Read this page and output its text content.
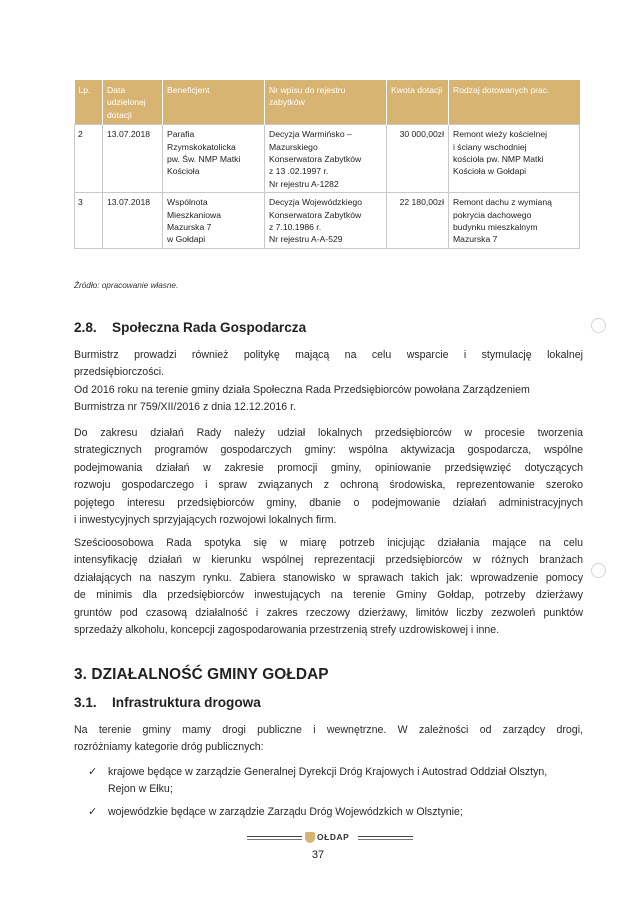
Lp.	Data udzielonej dotacji	Beneficjent	Nr wpisu do rejestru zabytków	Kwota dotacji	Rodzaj dotowanych prac.
2	13.07.2018	Parafia
Rzymskokatolicka
pw. Św. NMP Matki
Kościoła	Decyzja Warmińsko –
Mazurskiego
Konserwatora Zabytków
z 13 .02.1997 r.
Nr rejestru A-1282	30 000,00zł	Remont wieży kościelnej
i ściany wschodniej
kościoła pw. NMP Matki
Kościoła w Gołdapi

3	13.07.2018	Wspólnota
Mieszkaniowa
Mazurska 7
w Gołdapi	Decyzja Wojewódzkiego
Konserwatora Zabytków
z 7.10.1986 r.
Nr rejestru A-A-529	22 180,00zł	Remont dachu z wymianą
pokrycia dachowego
budynku mieszkalnym
Mazurska 7
Źródło: opracowanie własne.
2.8. Społeczna Rada Gospodarcza
Burmistrz prowadzi również politykę mającą na celu wsparcie i stymulację lokalnej
przedsiębiorczości.
Od 2016 roku na terenie gminy działa Społeczna Rada Przedsiębiorców powołana Zarządzeniem
Burmistrza nr 759/XII/2016 z dnia 12.12.2016 r.
Do zakresu działań Rady należy udział lokalnych przedsiębiorców w procesie tworzenia
strategicznych programów gospodarczych gminy: wspólna aktywizacja gospodarcza, wspólne
podejmowania działań w zakresie promocji gminy, opiniowanie przedsięwzięć dotyczących
rozwoju gospodarczego i spraw związanych z ochroną środowiska, reprezentowanie szeroko
pojętego interesu przedsiębiorców gminy, dbanie o podejmowanie działań administracyjnych
i inwestycyjnych sprzyjających rozwojowi lokalnych firm.
Sześcioosobowa Rada spotyka się w miarę potrzeb inicjując działania mające na celu
intensyfikację działań w kierunku wspólnej reprezentacji przedsiębiorców w różnych branżach
działających na naszym rynku. Zabiera stanowisko w sprawach takich jak: wprowadzenie pomocy
de minimis dla przedsiębiorców inwestujących na terenie Gminy Gołdap, potrzeby dzierżawy
gruntów pod czasową działalność i zakres rzeczowy dzierżawy, limitów liczby zezwoleń punktów
sprzedaży alkoholu, koncepcji zagospodarowania przestrzenią strefy uzdrowiskowej i inne.
3. DZIAŁALNOŚĆ GMINY GOŁDAP
3.1. Infrastruktura drogowa
Na terenie gminy mamy drogi publiczne i wewnętrzne. W zależności od zarządcy drogi,
rozróżniamy kategorie dróg publicznych:
✓ krajowe będące w zarządzie Generalnej Dyrekcji Dróg Krajowych i Autostrad Oddział Olsztyn,
Rejon w Ełku;
✓ wojewódzkie będące w zarządzie Zarządu Dróg Wojewódzkich w Olsztynie;
OŁDAP
37
